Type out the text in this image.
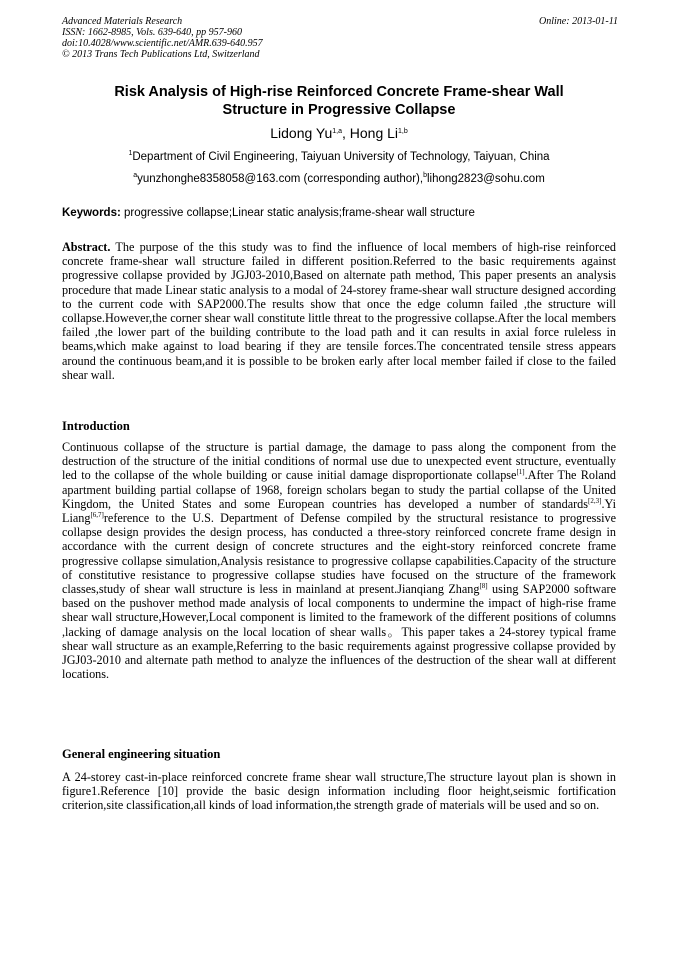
Advanced Materials Research
ISSN: 1662-8985, Vols. 639-640, pp 957-960
doi:10.4028/www.scientific.net/AMR.639-640.957
© 2013 Trans Tech Publications Ltd, Switzerland
Online: 2013-01-11
Risk Analysis of High-rise Reinforced Concrete Frame-shear Wall
Structure in Progressive Collapse
Lidong Yu$^{1,a}$, Hong Li$^{1,b}$
$^1$Department of Civil Engineering, Taiyuan University of Technology, Taiyuan, China
$^a$yunzhonghe8358058@163.com (corresponding author),$^b$lihong2823@sohu.com
Keywords: progressive collapse;Linear static analysis;frame-shear wall structure
Abstract. The purpose of the this study was to find the influence of local members of high-rise reinforced concrete frame-shear wall structure failed in different position.Referred to the basic requirements against progressive collapse provided by JGJ03-2010,Based on alternate path method, This paper presents an analysis procedure that made Linear static analysis to a modal of 24-storey frame-shear wall structure designed according to the current code with SAP2000.The results show that once the edge column failed ,the structure will collapse.However,the corner shear wall constitute little threat to the progressive collapse.After the local members failed ,the lower part of the building contribute to the load path and it can results in axial force ruleless in beams,which make against to load bearing if they are tensile forces.The concentrated tensile stress appears around the continuous beam,and it is possible to be broken early after local member failed if close to the failed shear wall.
Introduction
Continuous collapse of the structure is partial damage, the damage to pass along the component from the destruction of the structure of the initial conditions of normal use due to unexpected event structure, eventually led to the collapse of the whole building or cause initial damage disproportionate collapse[1].After The Roland apartment building partial collapse of 1968, foreign scholars began to study the partial collapse of the United Kingdom, the United States and some European countries has developed a number of standards[2,3].Yi Liang[6,7]reference to the U.S. Department of Defense compiled by the structural resistance to progressive collapse design provides the design process, has conducted a three-story reinforced concrete frame design in accordance with the current design of concrete structures and the eight-story reinforced concrete frame progressive collapse simulation,Analysis resistance to progressive collapse capabilities.Capacity of the structure of constitutive resistance to progressive collapse studies have focused on the structure of the framework classes,study of shear wall structure is less in mainland at present.Jianqiang Zhang[8] using SAP2000 software based on the pushover method made analysis of local components to undermine the impact of high-rise frame shear wall structure,However,Local component is limited to the framework of the different positions of columns ,lacking of damage analysis on the local location of shear walls。This paper takes a 24-storey typical frame shear wall structure as an example,Referring to the basic requirements against progressive collapse provided by JGJ03-2010 and alternate path method to analyze the influences of the destruction of the shear wall at different locations.
General engineering situation
A 24-storey cast-in-place reinforced concrete frame shear wall structure,The structure layout plan is shown in figure1.Reference [10] provide the basic design information including floor height,seismic fortification criterion,site classification,all kinds of load information,the strength grade of materials will be used and so on.
